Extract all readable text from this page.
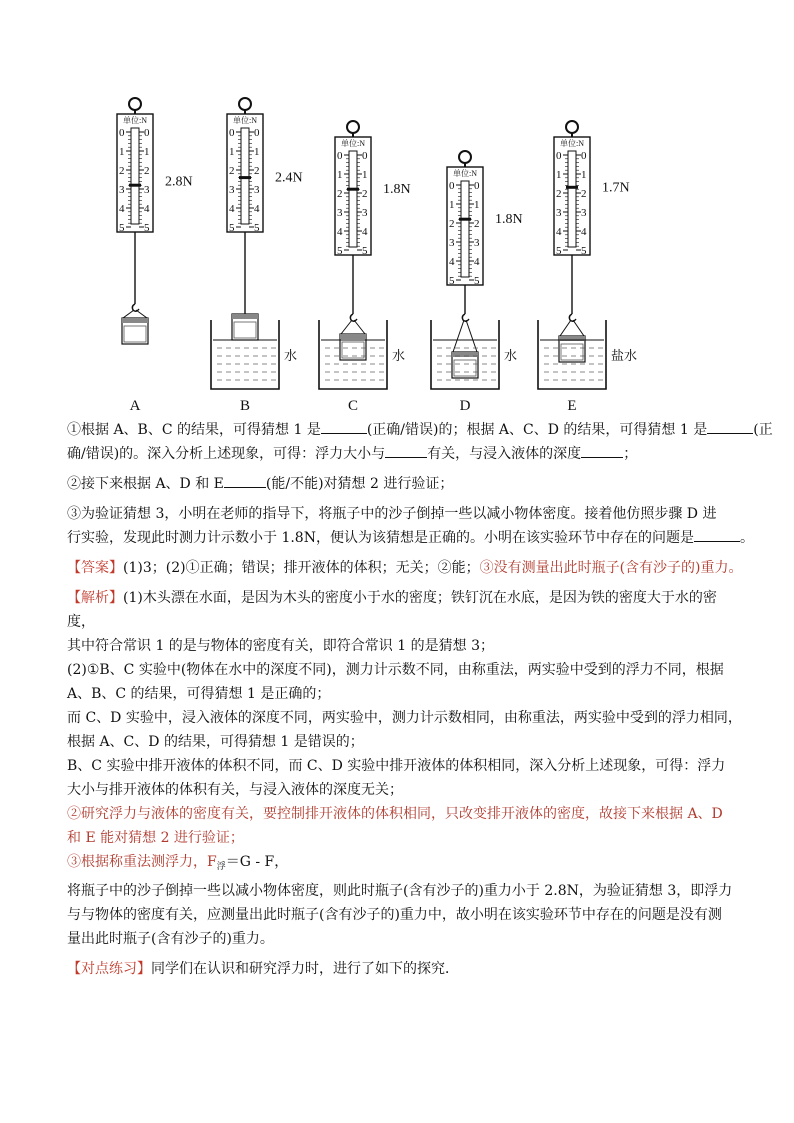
单位:N
0 0
1 1
2 2
3 3
4 4
5 5
2.8N
A
单位:N
0 0
1 1
2 2
3 3
4 4
5 5
2.4N
水
B
单位:N
0 0
1 1
2 2
3 3
4 4
5 5
1.8N
水
C
单位:N
0 0
1 1
2 2
3 3
4 4
5 5
1.8N
水
D
单位:N
0 0
1 1
2 2
3 3
4 4
5 5
1.7N
盐水
E

①根据 A、B、C 的结果，可得猜想 1 是	(正确/错误)的；根据 A、C、D 的结果，可得猜想 1 是	(正

确/错误)的。深入分析上述现象，可得：浮力大小与	有关，与浸入液体的深度	；

②接下来根据 A、D 和 E	(能/不能)对猜想 2 进行验证；

③为验证猜想 3，小明在老师的指导下，将瓶子中的沙子倒掉一些以减小物体密度。接着他仿照步骤 D 进

行实验，发现此时测力计示数小于 1.8N，便认为该猜想是正确的。小明在该实验环节中存在的问题是	。

【答案】(1)3；(2)①正确；错误；排开液体的体积；无关；②能；③没有测量出此时瓶子(含有沙子的)重力。

【解析】(1)木头漂在水面，是因为木头的密度小于水的密度；铁钉沉在水底，是因为铁的密度大于水的密

度，

其中符合常识 1 的是与物体的密度有关，即符合常识 1 的是猜想 3；

(2)①B、C 实验中(物体在水中的深度不同)，测力计示数不同，由称重法，两实验中受到的浮力不同，根据

A、B、C 的结果，可得猜想 1 是正确的；

而 C、D 实验中，浸入液体的深度不同，两实验中，测力计示数相同，由称重法，两实验中受到的浮力相同，

根据 A、C、D 的结果，可得猜想 1 是错误的；

B、C 实验中排开液体的体积不同，而 C、D 实验中排开液体的体积相同，深入分析上述现象，可得：浮力

大小与排开液体的体积有关，与浸入液体的深度无关；

②研究浮力与液体的密度有关，要控制排开液体的体积相同，只改变排开液体的密度，故接下来根据 A、D

和 E 能对猜想 2 进行验证；

③根据称重法测浮力，$F_浮=G - F$，

将瓶子中的沙子倒掉一些以减小物体密度，则此时瓶子(含有沙子的)重力小于 2.8N，为验证猜想 3，即浮力

与与物体的密度有关，应测量出此时瓶子(含有沙子的)重力中，故小明在该实验环节中存在的问题是没有测

量出此时瓶子(含有沙子的)重力。

【对点练习】同学们在认识和研究浮力时，进行了如下的探究．
